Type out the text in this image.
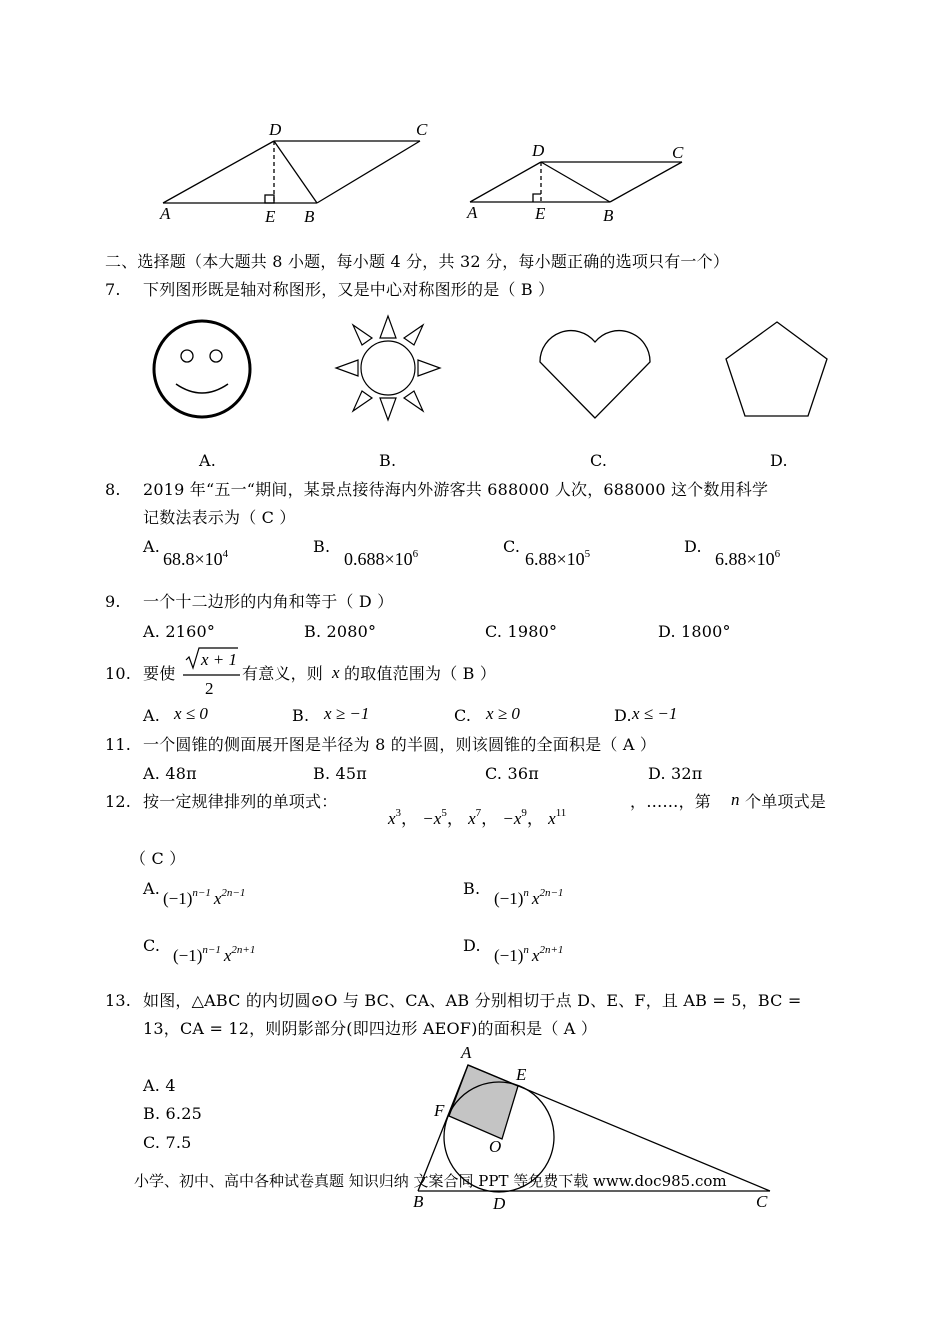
D	C
A	E B
D	C
A	E	B
二、选择题（本大题共 8 小题，每小题 4 分，共 32 分，每小题正确的选项只有一个）
7. 下列图形既是轴对称图形，又是中心对称图形的是（ B ）
A.	B.	C.	D.
8. 2019 年“五一“期间，某景点接待海内外游客共 688000 人次，688000 这个数用科学
记数法表示为（ C ）
A.
$68.8\times 10^4$	B.
$0.688\times 10^6$	C.
$6.88\times 10^5$	D.
$6.88\times 10^6$
9. 一个十二边形的内角和等于（ D ）
A. 2160°	B. 2080°	C. 1980°	D. 1800°
10. 要使
x + 1
2
有意义，则 x 的取值范围为（ B ）
A. x ≤ 0	B. x ≥ −1	C. x ≥ 0	D. x ≤ −1
11. 一个圆锥的侧面展开图是半径为 8 的半圆，则该圆锥的全面积是（ A ）
A. 48π	B. 45π	C. 36π	D. 32π
12. 按一定规律排列的单项式：
$x^3$， $-x^5$， $x^7$， $-x^9$， $x^{11}$
，……，第 n 个单项式是
（ C ）
A.
$(-1)^{n-1}$ $x^{2n-1}$	B.
$(-1)^n$ $x^{2n-1}$
C.
$(-1)^{n-1}$ $x^{2n+1}$	D.
$(-1)^n$ $x^{2n+1}$
13. 如图，△ABC 的内切圆⊙O 与 BC、CA、AB 分别相切于点 D、E、F，且 AB = 5，BC =
13，CA = 12，则阴影部分(即四边形 AEOF)的面积是（ A ）
A. 4
B. 6.25
C. 7.5
A
E
F
O
B	D	C
小学、初中、高中各种试卷真题 知识归纳 文案合同 PPT 等免费下载 www.doc985.com
